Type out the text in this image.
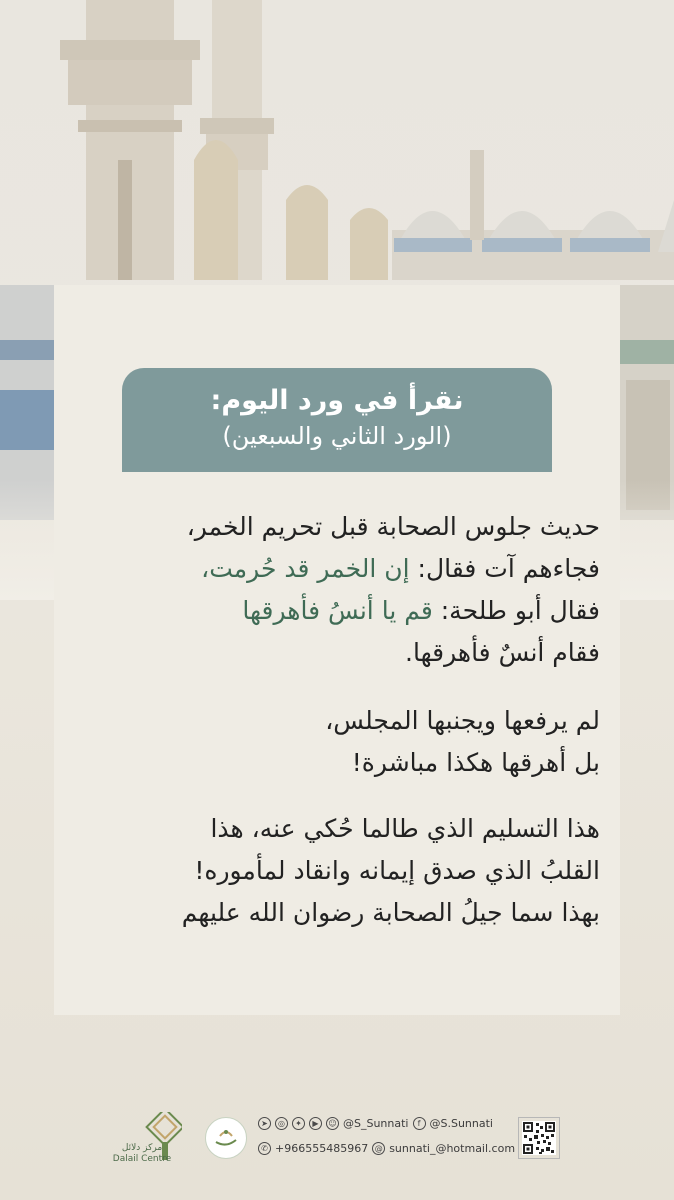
نقرأ في ورد اليوم:
(الورد الثاني والسبعين)

حديث جلوس الصحابة قبل تحريم الخمر،

فجاءهم آت فقال: إن الخمر قد حُرمت،

فقال أبو طلحة: قم يا أنسُ فأهرقها

فقام أنسٌ فأهرقها.

لم يرفعها ويجنبها المجلس،

بل أهرقها هكذا مباشرة!

هذا التسليم الذي طالما حُكي عنه، هذا

القلبُ الذي صدق إيمانه وانقاد لمأموره!

بهذا سما جيلُ الصحابة رضوان الله عليهم

مركز دلائل
Dalail Centre
➤	◎	✦	▶	☺ @S_Sunnati	f @S.Sunnati
✆ +966555485967 @ sunnati_@hotmail.com
